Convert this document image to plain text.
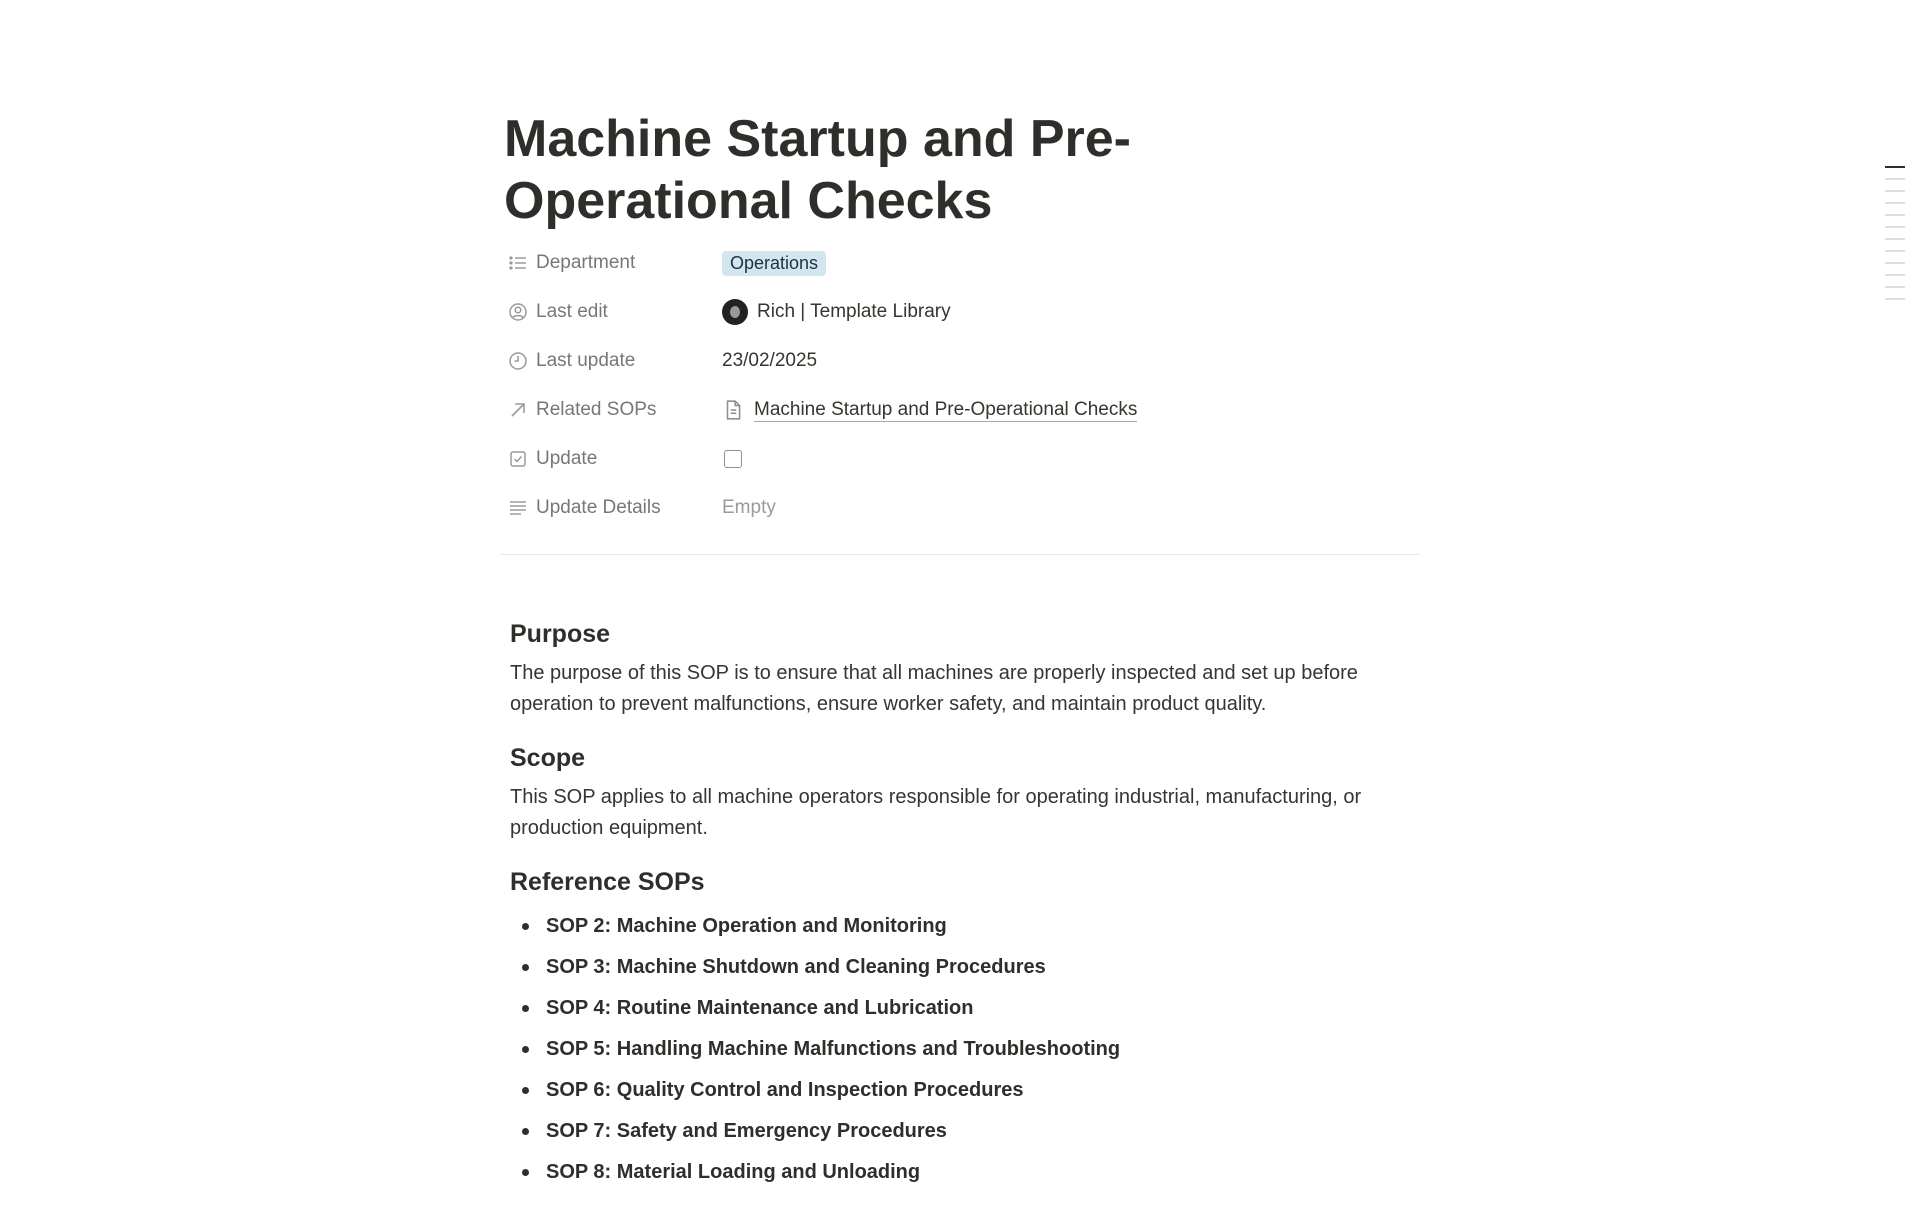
Machine Startup and Pre-Operational Checks
Department	Operations
Last edit	Rich | Template Library
Last update	23/02/2025
Related SOPs	Machine Startup and Pre-Operational Checks
Update
Update Details	Empty
Purpose

The purpose of this SOP is to ensure that all machines are properly inspected and set up before operation to prevent malfunctions, ensure worker safety, and maintain product quality.

Scope

This SOP applies to all machine operators responsible for operating industrial, manufacturing, or production equipment.

Reference SOPs
SOP 2: Machine Operation and Monitoring
SOP 3: Machine Shutdown and Cleaning Procedures
SOP 4: Routine Maintenance and Lubrication
SOP 5: Handling Machine Malfunctions and Troubleshooting
SOP 6: Quality Control and Inspection Procedures
SOP 7: Safety and Emergency Procedures
SOP 8: Material Loading and Unloading
